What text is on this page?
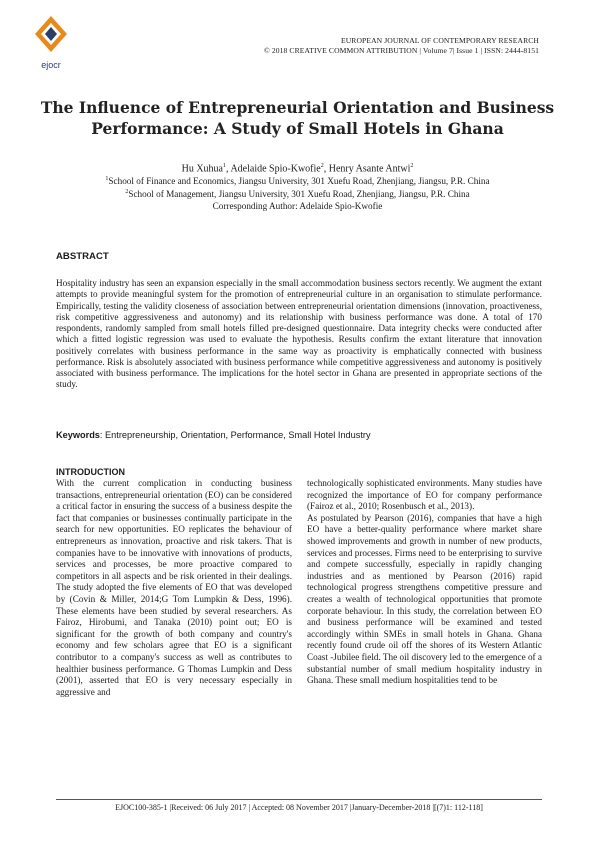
ejocr
EUROPEAN JOURNAL OF CONTEMPORARY RESEARCH
© 2018 CREATIVE COMMON ATTRIBUTION | Volume 7| Issue 1 | ISSN: 2444-8151
The Influence of Entrepreneurial Orientation and Business Performance: A Study of Small Hotels in Ghana
Hu Xuhua$^1$, Adelaide Spio-Kwofie$^2$, Henry Asante Antwi$^2$
$^1$School of Finance and Economics, Jiangsu University, 301 Xuefu Road, Zhenjiang, Jiangsu, P.R. China
$^2$School of Management, Jiangsu University, 301 Xuefu Road, Zhenjiang, Jiangsu, P.R. China
Corresponding Author: Adelaide Spio-Kwofie
ABSTRACT
Hospitality industry has seen an expansion especially in the small accommodation business sectors recently. We augment the extant attempts to provide meaningful system for the promotion of entrepreneurial culture in an organisation to stimulate performance. Empirically, testing the validity closeness of association between entrepreneurial orientation dimensions (innovation, proactiveness, risk competitive aggressiveness and autonomy) and its relationship with business performance was done. A total of 170 respondents, randomly sampled from small hotels filled pre-designed questionnaire. Data integrity checks were conducted after which a fitted logistic regression was used to evaluate the hypothesis. Results confirm the extant literature that innovation positively correlates with business performance in the same way as proactivity is emphatically connected with business performance. Risk is absolutely associated with business performance while competitive aggressiveness and autonomy is positively associated with business performance. The implications for the hotel sector in Ghana are presented in appropriate sections of the study.
Keywords: Entrepreneurship, Orientation, Performance, Small Hotel Industry
INTRODUCTION
With the current complication in conducting business transactions, entrepreneurial orientation (EO) can be considered a critical factor in ensuring the success of a business despite the fact that companies or businesses continually participate in the search for new opportunities. EO replicates the behaviour of entrepreneurs as innovation, proactive and risk takers. That is companies have to be innovative with innovations of products, services and processes, be more proactive compared to competitors in all aspects and be risk oriented in their dealings. The study adopted the five elements of EO that was developed by (Covin & Miller, 2014;G Tom Lumpkin & Dess, 1996). These elements have been studied by several researchers. As Fairoz, Hirobumi, and Tanaka (2010) point out; EO is significant for the growth of both company and country's economy and few scholars agree that EO is a significant contributor to a company's success as well as contributes to healthier business performance. G Thomas Lumpkin and Dess (2001), asserted that EO is very necessary especially in aggressive and
technologically sophisticated environments. Many studies have recognized the importance of EO for company performance (Fairoz et al., 2010; Rosenbusch et al., 2013).
As postulated by Pearson (2016), companies that have a high EO have a better-quality performance where market share showed improvements and growth in number of new products, services and processes. Firms need to be enterprising to survive and compete successfully, especially in rapidly changing industries and as mentioned by Pearson (2016) rapid technological progress strengthens competitive pressure and creates a wealth of technological opportunities that promote corporate behaviour. In this study, the correlation between EO and business performance will be examined and tested accordingly within SMEs in small hotels in Ghana. Ghana recently found crude oil off the shores of its Western Atlantic Coast -Jubilee field. The oil discovery led to the emergence of a substantial number of small medium hospitality industry in Ghana. These small medium hospitalities tend to be
EJOC100-385-1 |Received: 06 July 2017 | Accepted: 08 November 2017 |January-December-2018 |[(7)1: 112-118]
